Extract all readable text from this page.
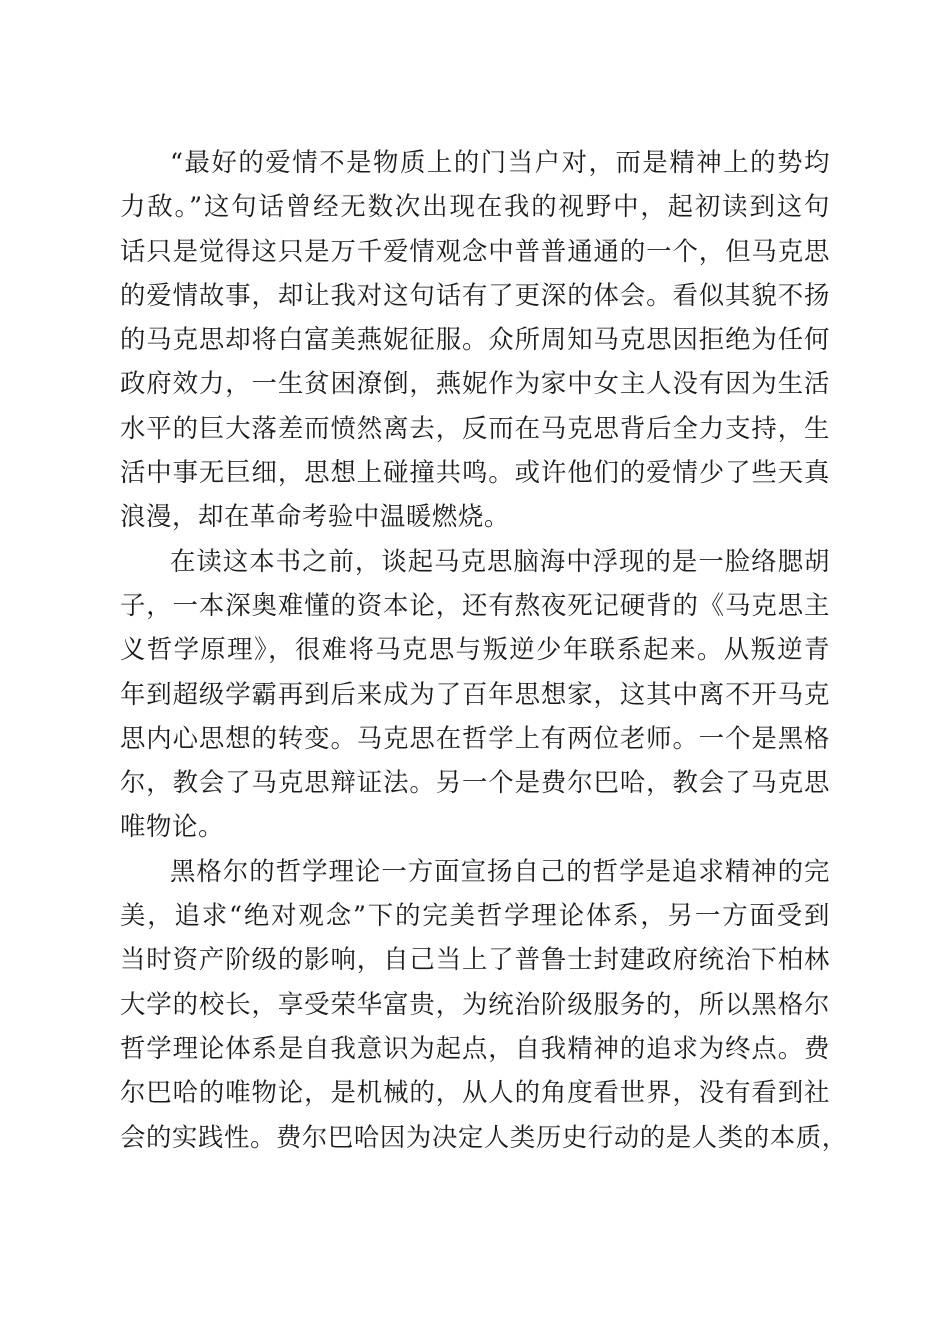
“最好的爱情不是物质上的门当户对，而是精神上的势均
力敌。”这句话曾经无数次出现在我的视野中，起初读到这句
话只是觉得这只是万千爱情观念中普普通通的一个，但马克思
的爱情故事，却让我对这句话有了更深的体会。看似其貌不扬
的马克思却将白富美燕妮征服。众所周知马克思因拒绝为任何
政府效力，一生贫困潦倒，燕妮作为家中女主人没有因为生活
水平的巨大落差而愤然离去，反而在马克思背后全力支持，生
活中事无巨细，思想上碰撞共鸣。或许他们的爱情少了些天真
浪漫，却在革命考验中温暖燃烧。
在读这本书之前，谈起马克思脑海中浮现的是一脸络腮胡
子，一本深奥难懂的资本论，还有熬夜死记硬背的《马克思主
义哲学原理》，很难将马克思与叛逆少年联系起来。从叛逆青
年到超级学霸再到后来成为了百年思想家，这其中离不开马克
思内心思想的转变。马克思在哲学上有两位老师。一个是黑格
尔，教会了马克思辩证法。另一个是费尔巴哈，教会了马克思
唯物论。
黑格尔的哲学理论一方面宣扬自己的哲学是追求精神的完
美，追求“绝对观念”下的完美哲学理论体系，另一方面受到
当时资产阶级的影响，自己当上了普鲁士封建政府统治下柏林
大学的校长，享受荣华富贵，为统治阶级服务的，所以黑格尔
哲学理论体系是自我意识为起点，自我精神的追求为终点。费
尔巴哈的唯物论，是机械的，从人的角度看世界，没有看到社
会的实践性。费尔巴哈因为决定人类历史行动的是人类的本质，
